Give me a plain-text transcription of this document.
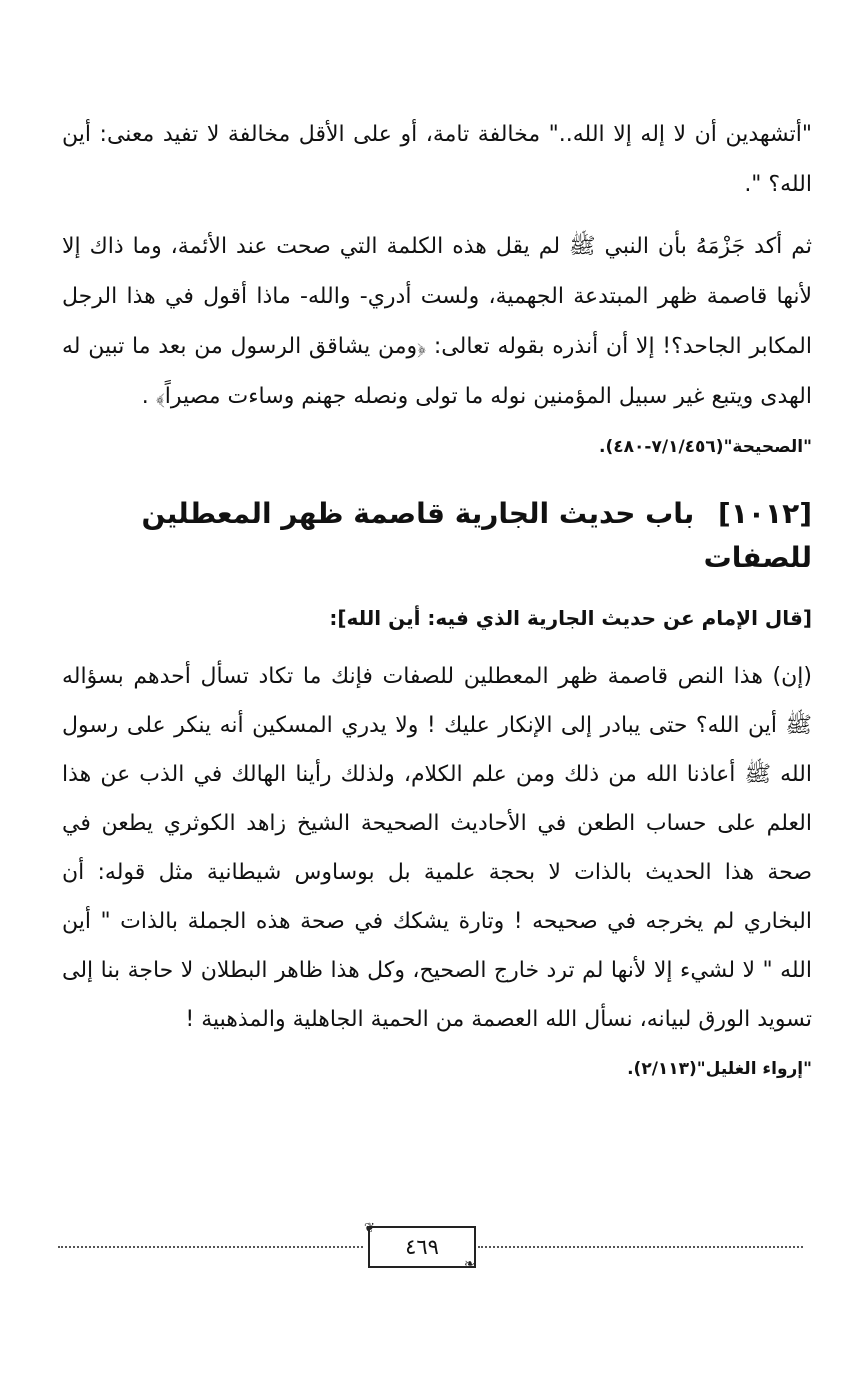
"أتشهدين أن لا إله إلا الله.." مخالفة تامة، أو على الأقل مخالفة لا تفيد معنى: أين الله؟ ".

ثم أكد جَزْمَهُ بأن النبي ﷺ لم يقل هذه الكلمة التي صحت عند الأئمة، وما ذاك إلا لأنها قاصمة ظهر المبتدعة الجهمية، ولست أدري- والله- ماذا أقول في هذا الرجل المكابر الجاحد؟! إلا أن أنذره بقوله تعالى: ﴿ومن يشاقق الرسول من بعد ما تبين له الهدى ويتبع غير سبيل المؤمنين نوله ما تولى ونصله جهنم وساءت مصيراً﴾ .

"الصحيحة"(٧/١/٤٥٦-٤٨٠).

[١٠١٢] باب حديث الجارية قاصمة ظهر المعطلين للصفات

[قال الإمام عن حديث الجارية الذي فيه: أين الله]:

(إن) هذا النص قاصمة ظهر المعطلين للصفات فإنك ما تكاد تسأل أحدهم بسؤاله ﷺ أين الله؟ حتى يبادر إلى الإنكار عليك ! ولا يدري المسكين أنه ينكر على رسول الله ﷺ أعاذنا الله من ذلك ومن علم الكلام، ولذلك رأينا الهالك في الذب عن هذا العلم على حساب الطعن في الأحاديث الصحيحة الشيخ زاهد الكوثري يطعن في صحة هذا الحديث بالذات لا بحجة علمية بل بوساوس شيطانية مثل قوله: أن البخاري لم يخرجه في صحيحه ! وتارة يشكك في صحة هذه الجملة بالذات " أين الله " لا لشيء إلا لأنها لم ترد خارج الصحيح، وكل هذا ظاهر البطلان لا حاجة بنا إلى تسويد الورق لبيانه، نسأل الله العصمة من الحمية الجاهلية والمذهبية !

"إرواء الغليل"(٢/١١٣).

❦
٤٦٩
❧
